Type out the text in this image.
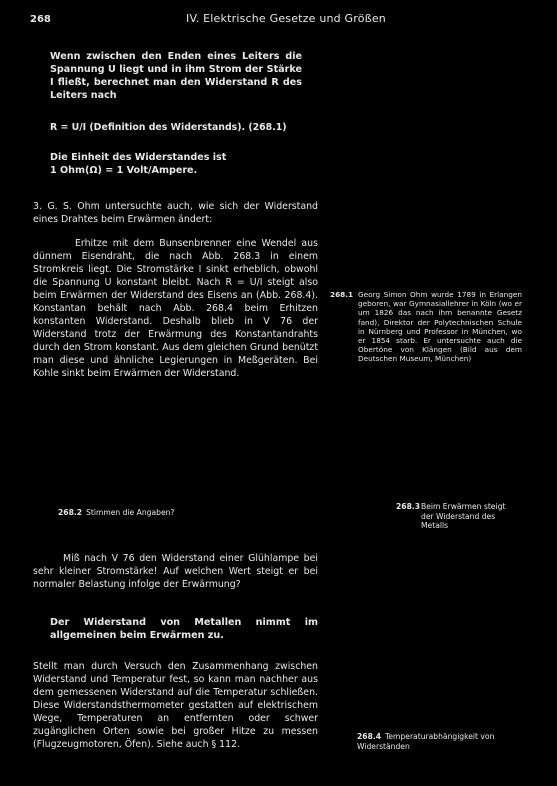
268	IV. Elektrische Gesetze und Größen
Wenn zwischen den Enden eines Leiters die Spannung U liegt und in ihm Strom der Stärke I fließt, berechnet man den Widerstand R des Leiters nach
R = U/I (Definition des Widerstands). (268.1)
Die Einheit des Widerstandes ist
1 Ohm(Ω) = 1 Volt/Ampere.
3. G. S. Ohm untersuchte auch, wie sich der Widerstand eines Drahtes beim Erwärmen ändert:
Erhitze mit dem Bunsenbrenner eine Wendel aus dünnem Eisendraht, die nach Abb. 268.3 in einem Stromkreis liegt. Die Stromstärke I sinkt erheblich, obwohl die Spannung U konstant bleibt. Nach R = U/I steigt also beim Erwärmen der Widerstand des Eisens an (Abb. 268.4). Konstantan behält nach Abb. 268.4 beim Erhitzen konstanten Widerstand. Deshalb blieb in V 76 der Widerstand trotz der Erwärmung des Konstantandrahts durch den Strom konstant. Aus dem gleichen Grund benützt man diese und ähnliche Legierungen in Meßgeräten. Bei Kohle sinkt beim Erwärmen der Widerstand.
268.1 Georg Simon Ohm wurde 1789 in Erlangen geboren, war Gymnasiallehrer in Köln (wo er um 1826 das nach ihm benannte Gesetz fand), Direktor der Polytechnischen Schule in Nürnberg und Professor in München, wo er 1854 starb. Er untersuchte auch die Obertöne von Klängen (Bild aus dem Deutschen Museum, München)
268.2 Stimmen die Angaben?
268.3 Beim Erwärmen steigt der Widerstand des Metalls
Miß nach V 76 den Widerstand einer Glühlampe bei sehr kleiner Stromstärke! Auf welchen Wert steigt er bei normaler Belastung infolge der Erwärmung?
Der Widerstand von Metallen nimmt im allgemeinen beim Erwärmen zu.
Stellt man durch Versuch den Zusammenhang zwischen Widerstand und Temperatur fest, so kann man nachher aus dem gemessenen Widerstand auf die Temperatur schließen. Diese Widerstandsthermometer gestatten auf elektrischem Wege, Temperaturen an entfernten oder schwer zugänglichen Orten sowie bei großer Hitze zu messen (Flugzeugmotoren, Öfen). Siehe auch § 112.
268.4 Temperaturabhängigkeit von Widerständen
